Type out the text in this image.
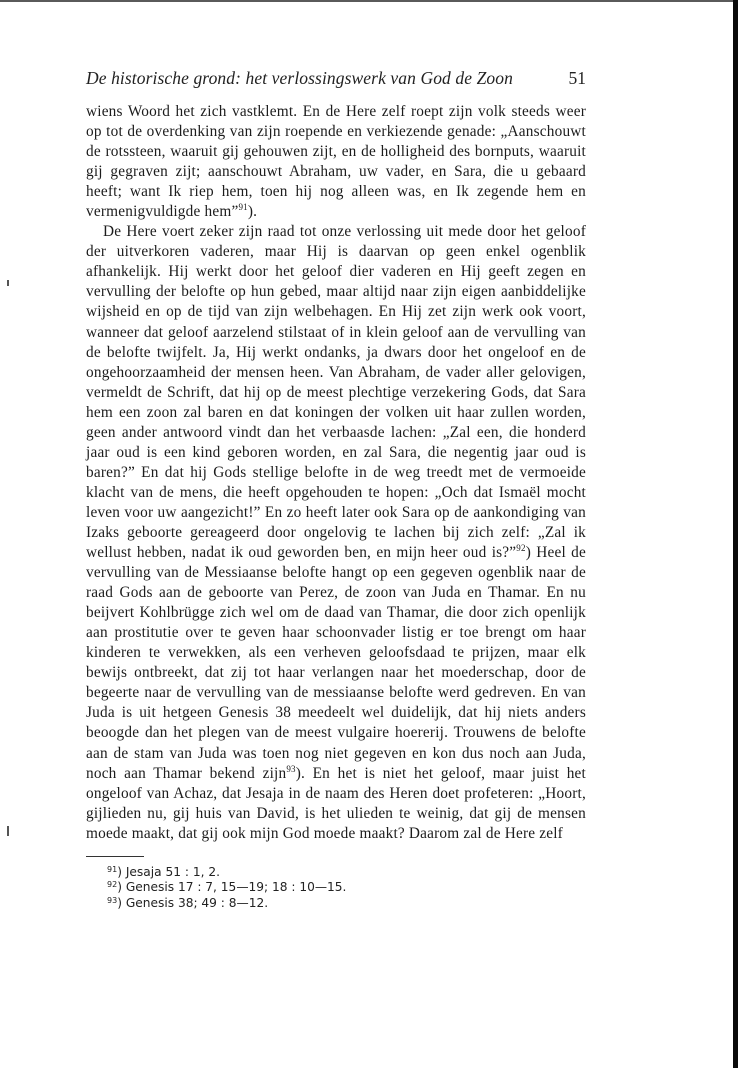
De historische grond: het verlossingswerk van God de Zoon	51

wiens Woord het zich vastklemt. En de Here zelf roept zijn volk steeds weer op tot de overdenking van zijn roepende en verkiezende genade: „Aanschouwt de rotssteen, waaruit gij gehouwen zijt, en de holligheid des bornputs, waaruit gij gegraven zijt; aanschouwt Abraham, uw vader, en Sara, die u gebaard heeft; want Ik riep hem, toen hij nog alleen was, en Ik zegende hem en vermenigvuldigde hem”$^{91}$).

De Here voert zeker zijn raad tot onze verlossing uit mede door het geloof der uitverkoren vaderen, maar Hij is daarvan op geen enkel ogenblik afhankelijk. Hij werkt door het geloof dier vaderen en Hij geeft zegen en vervulling der belofte op hun gebed, maar altijd naar zijn eigen aanbiddelijke wijsheid en op de tijd van zijn welbehagen. En Hij zet zijn werk ook voort, wanneer dat geloof aarzelend stilstaat of in klein geloof aan de vervulling van de belofte twijfelt. Ja, Hij werkt ondanks, ja dwars door het ongeloof en de ongehoorzaamheid der mensen heen. Van Abraham, de vader aller gelovigen, vermeldt de Schrift, dat hij op de meest plechtige verzekering Gods, dat Sara hem een zoon zal baren en dat koningen der volken uit haar zullen worden, geen ander antwoord vindt dan het verbaasde lachen: „Zal een, die honderd jaar oud is een kind geboren worden, en zal Sara, die negentig jaar oud is baren?” En dat hij Gods stellige belofte in de weg treedt met de vermoeide klacht van de mens, die heeft opgehouden te hopen: „Och dat Ismaël mocht leven voor uw aangezicht!” En zo heeft later ook Sara op de aankondiging van Izaks geboorte gereageerd door ongelovig te lachen bij zich zelf: „Zal ik wellust hebben, nadat ik oud geworden ben, en mijn heer oud is?”$^{92}$) Heel de vervulling van de Messiaanse belofte hangt op een gegeven ogenblik naar de raad Gods aan de geboorte van Perez, de zoon van Juda en Thamar. En nu beijvert Kohlbrügge zich wel om de daad van Thamar, die door zich openlijk aan prostitutie over te geven haar schoonvader listig er toe brengt om haar kinderen te verwekken, als een verheven geloofsdaad te prijzen, maar elk bewijs ontbreekt, dat zij tot haar verlangen naar het moederschap, door de begeerte naar de vervulling van de messiaanse belofte werd gedreven. En van Juda is uit hetgeen Genesis 38 meedeelt wel duidelijk, dat hij niets anders beoogde dan het plegen van de meest vulgaire hoererij. Trouwens de belofte aan de stam van Juda was toen nog niet gegeven en kon dus noch aan Juda, noch aan Thamar bekend zijn$^{93}$). En het is niet het geloof, maar juist het ongeloof van Achaz, dat Jesaja in de naam des Heren doet profeteren: „Hoort, gijlieden nu, gij huis van David, is het ulieden te weinig, dat gij de mensen moede maakt, dat gij ook mijn God moede maakt? Daarom zal de Here zelf

$^{91}$) Jesaja 51 : 1, 2.
$^{92}$) Genesis 17 : 7, 15—19; 18 : 10—15.
$^{93}$) Genesis 38; 49 : 8—12.
